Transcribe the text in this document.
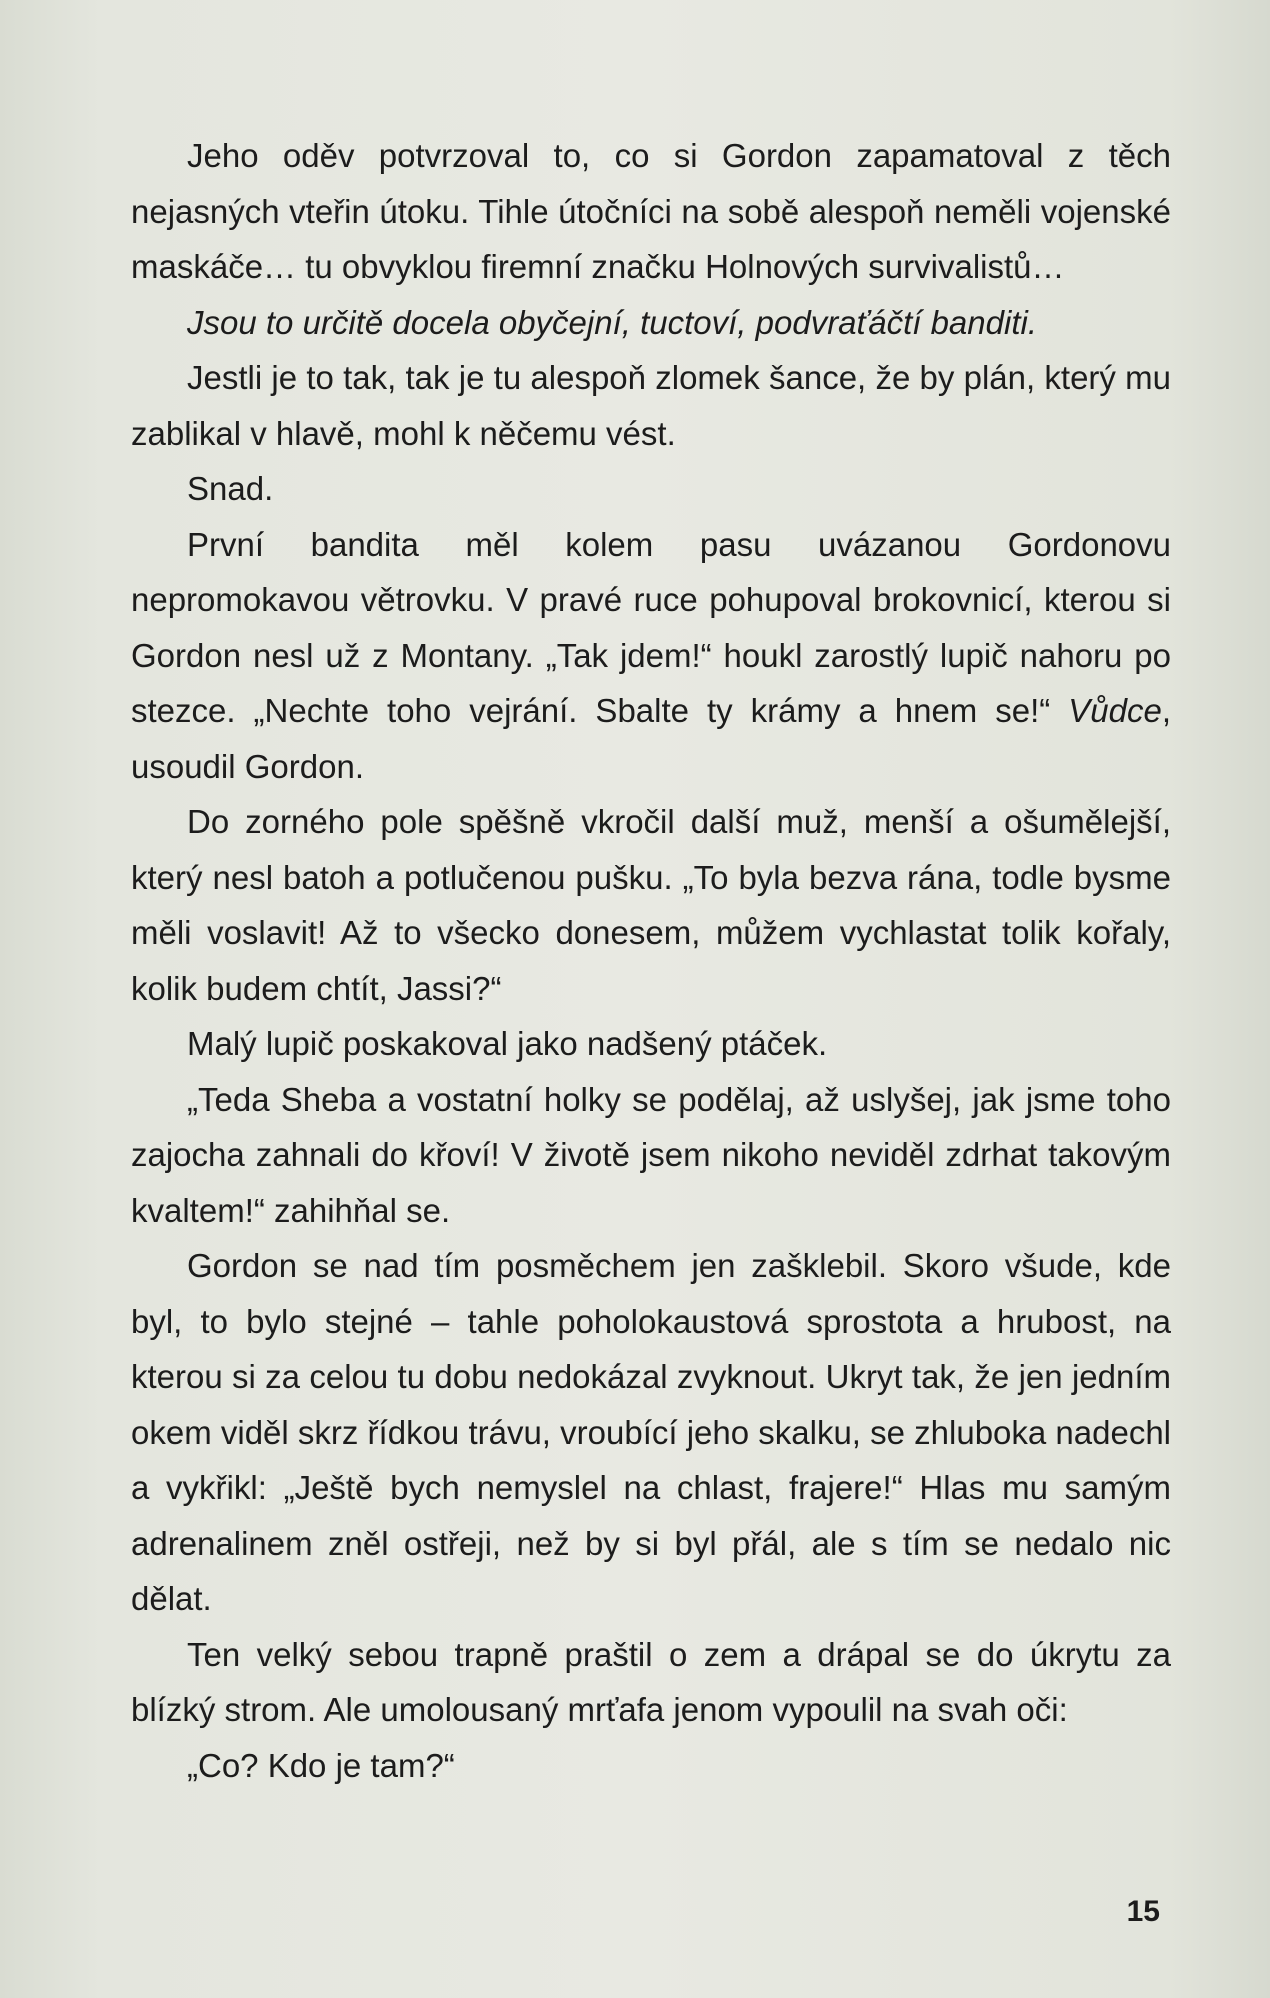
Jeho oděv potvrzoval to, co si Gordon zapamatoval z těch nejasných vteřin útoku. Tihle útočníci na sobě alespoň neměli vojenské maskáče… tu obvyklou firemní značku Holnových survivalistů…

Jsou to určitě docela obyčejní, tuctoví, podvraťáčtí banditi.

Jestli je to tak, tak je tu alespoň zlomek šance, že by plán, který mu zablikal v hlavě, mohl k něčemu vést.

Snad.

První bandita měl kolem pasu uvázanou Gordonovu nepromokavou větrovku. V pravé ruce pohupoval brokovnicí, kterou si Gordon nesl už z Montany. „Tak jdem!“ houkl zarostlý lupič nahoru po stezce. „Nechte toho vejrání. Sbalte ty krámy a hnem se!“ Vůdce, usoudil Gordon.

Do zorného pole spěšně vkročil další muž, menší a ošumělejší, který nesl batoh a potlučenou pušku. „To byla bezva rána, todle bysme měli voslavit! Až to všecko donesem, můžem vychlastat tolik kořaly, kolik budem chtít, Jassi?“

Malý lupič poskakoval jako nadšený ptáček.

„Teda Sheba a vostatní holky se podělaj, až uslyšej, jak jsme toho zajocha zahnali do křoví! V životě jsem nikoho neviděl zdrhat takovým kvaltem!“ zahihňal se.

Gordon se nad tím posměchem jen zašklebil. Skoro všude, kde byl, to bylo stejné – tahle poholokaustová sprostota a hrubost, na kterou si za celou tu dobu nedokázal zvyknout. Ukryt tak, že jen jedním okem viděl skrz řídkou trávu, vroubící jeho skalku, se zhluboka nadechl a vykřikl: „Ještě bych nemyslel na chlast, frajere!“ Hlas mu samým adrenalinem zněl ostřeji, než by si byl přál, ale s tím se nedalo nic dělat.

Ten velký sebou trapně praštil o zem a drápal se do úkrytu za blízký strom. Ale umolousaný mrťafa jenom vypoulil na svah oči:

„Co? Kdo je tam?“

15
